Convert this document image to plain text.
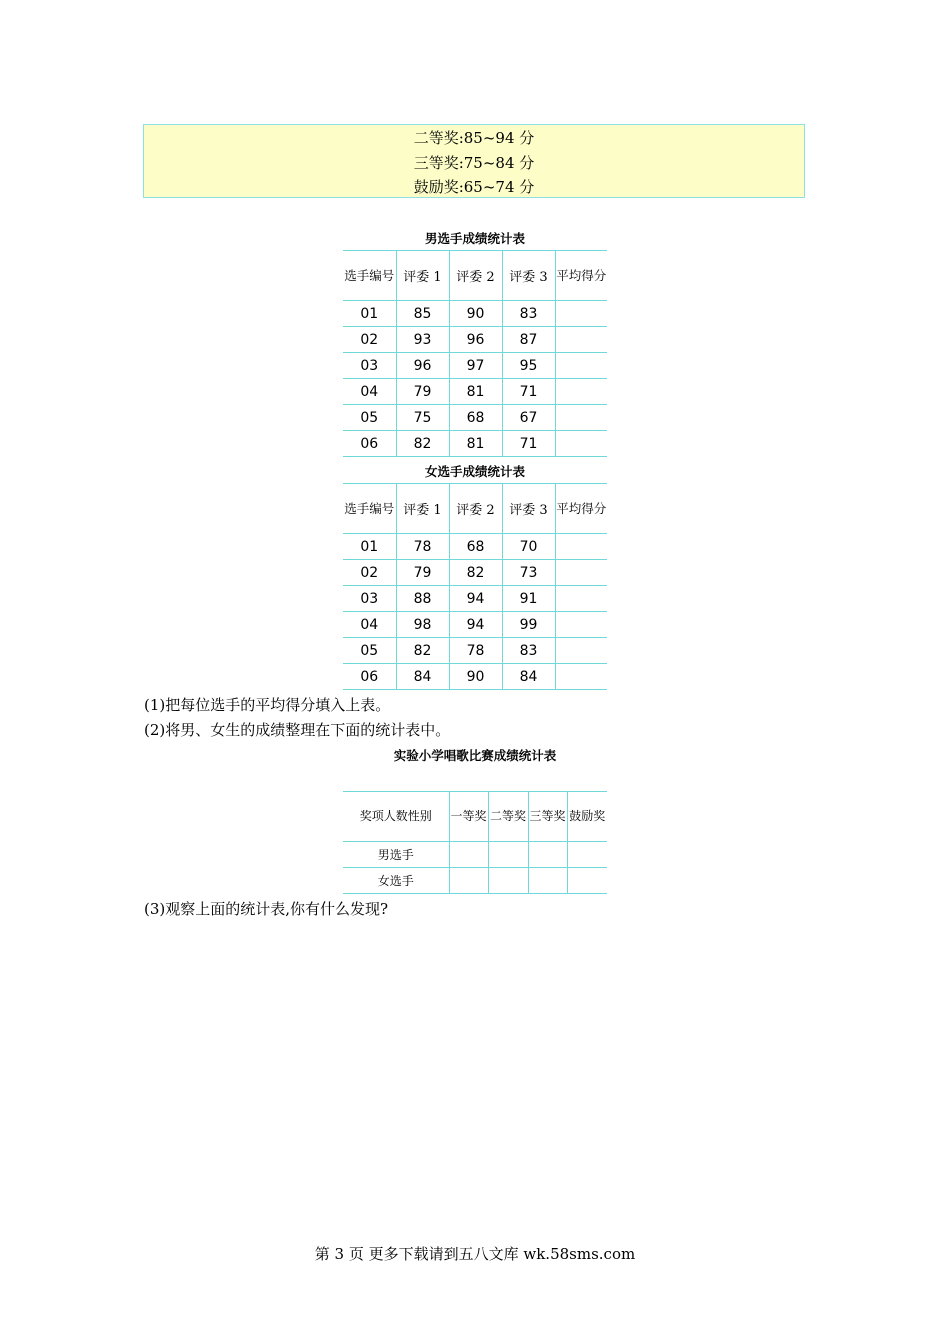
二等奖:85~94 分
三等奖:75~84 分
鼓励奖:65~74 分
男选手成绩统计表
选手编号	评委 1	评委 2	评委 3	平均得分
01	85	90	83	
02	93	96	87	
03	96	97	95	
04	79	81	71	
05	75	68	67	
06	82	81	71	
女选手成绩统计表
选手编号	评委 1	评委 2	评委 3	平均得分
01	78	68	70	
02	79	82	73	
03	88	94	91	
04	98	94	99	
05	82	78	83	
06	84	90	84	
(1)把每位选手的平均得分填入上表。
(2)将男、女生的成绩整理在下面的统计表中。
实验小学唱歌比赛成绩统计表
奖项人数性别	一等奖	二等奖	三等奖	鼓励奖
男选手				
女选手				
(3)观察上面的统计表,你有什么发现?
第 3 页 更多下载请到五八文库 wk.58sms.com
